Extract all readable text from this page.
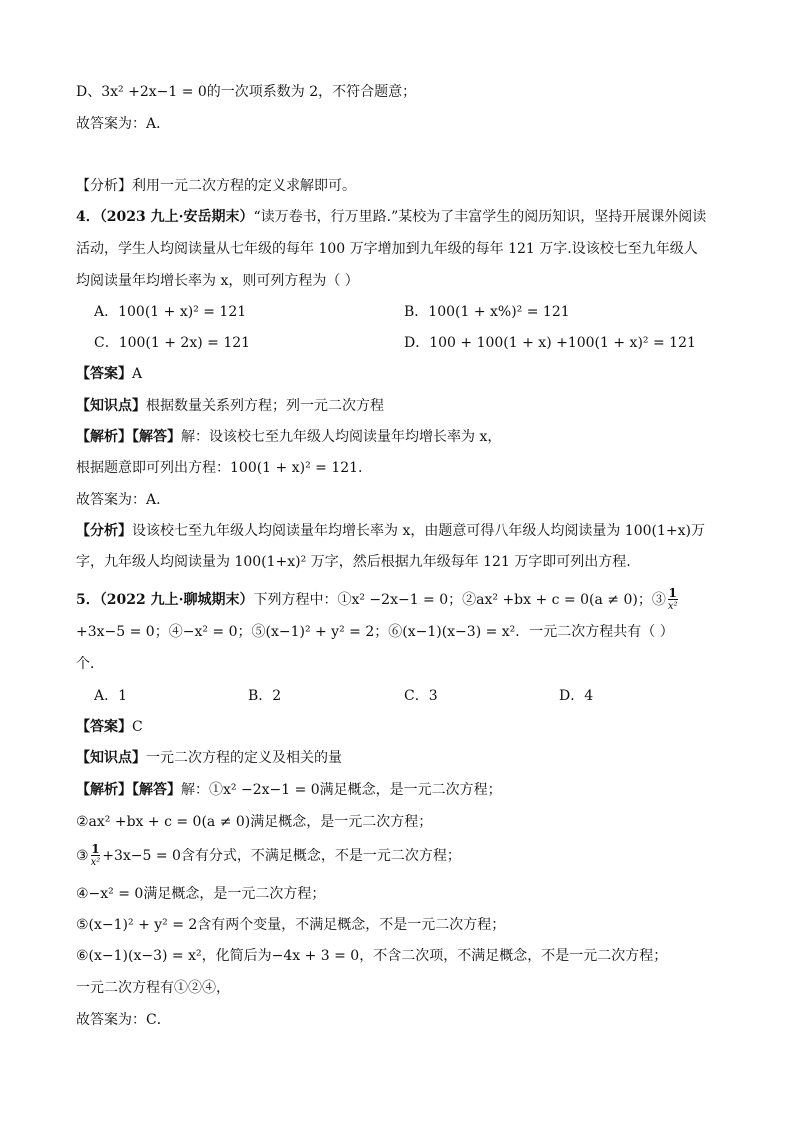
D、3x² +2x−1 = 0的一次项系数为 2，不符合题意；
故答案为：A．
【分析】利用一元二次方程的定义求解即可。
4．（2023 九上·安岳期末）“读万卷书，行万里路.”某校为了丰富学生的阅历知识，坚持开展课外阅读
活动，学生人均阅读量从七年级的每年 100 万字增加到九年级的每年 121 万字.设该校七至九年级人
均阅读量年均增长率为 x，则可列方程为（ ）
A．100(1 + x)² = 121	B．100(1 + x%)² = 121
C．100(1 + 2x) = 121	D．100 + 100(1 + x) +100(1 + x)² = 121
【答案】A
【知识点】根据数量关系列方程；列一元二次方程
【解析】【解答】解：设该校七至九年级人均阅读量年均增长率为 x，
根据题意即可列出方程：100(1 + x)² = 121.
故答案为：A.
【分析】设该校七至九年级人均阅读量年均增长率为 x，由题意可得八年级人均阅读量为 100(1+x)万
字，九年级人均阅读量为 100(1+x)² 万字，然后根据九年级每年 121 万字即可列出方程.
5．（2022 九上·聊城期末）下列方程中：①x² −2x−1 = 0；②ax² +bx + c = 0(a ≠ 0)；③ $\frac{1}{\text{x²}}$
+3x−5 = 0；④−x² = 0；⑤(x−1)² + y² = 2；⑥(x−1)(x−3) = x²．一元二次方程共有（ ）
个．
A．1	B．2	C．3	D．4
【答案】C
【知识点】一元二次方程的定义及相关的量
【解析】【解答】解：①x² −2x−1 = 0满足概念，是一元二次方程；
②ax² +bx + c = 0(a ≠ 0)满足概念，是一元二次方程；
③ $\frac{1}{\text{x²}} +3x-5 = 0$含有分式，不满足概念，不是一元二次方程；
④−x² = 0满足概念，是一元二次方程；
⑤(x−1)² + y² = 2含有两个变量，不满足概念，不是一元二次方程；
⑥(x−1)(x−3) = x²，化简后为−4x + 3 = 0，不含二次项，不满足概念，不是一元二次方程；
一元二次方程有①②④，
故答案为：C．
